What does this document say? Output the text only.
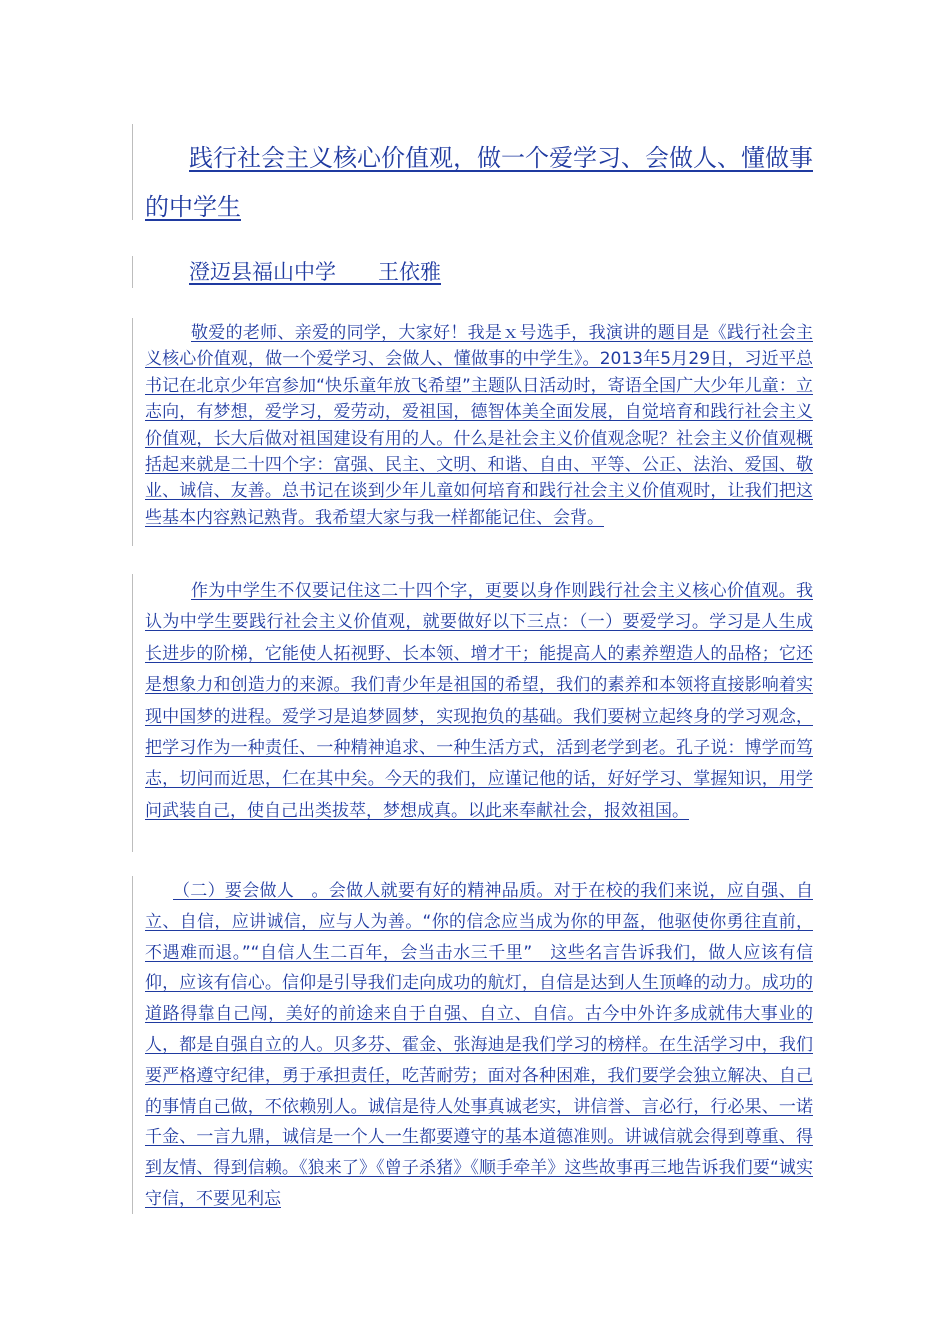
践行社会主义核心价值观，做一个爱学习、会做人、懂做事的中学生

澄迈县福山中学　　王依雅

敬爱的老师、亲爱的同学，大家好！我是ｘ号选手，我演讲的题目是《践行社会主义核心价值观，做一个爱学习、会做人、懂做事的中学生》。2013年5月29日，习近平总书记在北京少年宫参加“快乐童年放飞希望”主题队日活动时，寄语全国广大少年儿童：立志向，有梦想，爱学习，爱劳动，爱祖国，德智体美全面发展，自觉培育和践行社会主义价值观，长大后做对祖国建设有用的人。什么是社会主义价值观念呢？社会主义价值观概括起来就是二十四个字：富强、民主、文明、和谐、自由、平等、公正、法治、爱国、敬业、诚信、友善。总书记在谈到少年儿童如何培育和践行社会主义价值观时，让我们把这些基本内容熟记熟背。我希望大家与我一样都能记住、会背。

作为中学生不仅要记住这二十四个字，更要以身作则践行社会主义核心价值观。我认为中学生要践行社会主义价值观，就要做好以下三点：（一）要爱学习。学习是人生成长进步的阶梯，它能使人拓视野、长本领、增才干；能提高人的素养塑造人的品格；它还是想象力和创造力的来源。我们青少年是祖国的希望，我们的素养和本领将直接影响着实现中国梦的进程。爱学习是追梦圆梦，实现抱负的基础。我们要树立起终身的学习观念，把学习作为一种责任、一种精神追求、一种生活方式，活到老学到老。孔子说：博学而笃志，切问而近思，仁在其中矣。今天的我们，应谨记他的话，好好学习、掌握知识，用学问武装自己，使自己出类拔萃，梦想成真。以此来奉献社会，报效祖国。

（二）要会做人　。会做人就要有好的精神品质。对于在校的我们来说，应自强、自立、自信，应讲诚信，应与人为善。“你的信念应当成为你的甲盔，他驱使你勇往直前，不遇难而退。”“自信人生二百年，会当击水三千里”　这些名言告诉我们，做人应该有信仰，应该有信心。信仰是引导我们走向成功的航灯，自信是达到人生顶峰的动力。成功的道路得靠自己闯，美好的前途来自于自强、自立、自信。古今中外许多成就伟大事业的人，都是自强自立的人。贝多芬、霍金、张海迪是我们学习的榜样。在生活学习中，我们要严格遵守纪律，勇于承担责任，吃苦耐劳；面对各种困难，我们要学会独立解决、自己的事情自己做，不依赖别人。诚信是待人处事真诚老实，讲信誉、言必行，行必果、一诺千金、一言九鼎，诚信是一个人一生都要遵守的基本道德准则。讲诚信就会得到尊重、得到友情、得到信赖。《狼来了》《曾子杀猪》《顺手牵羊》这些故事再三地告诉我们要“诚实守信，不要见利忘
